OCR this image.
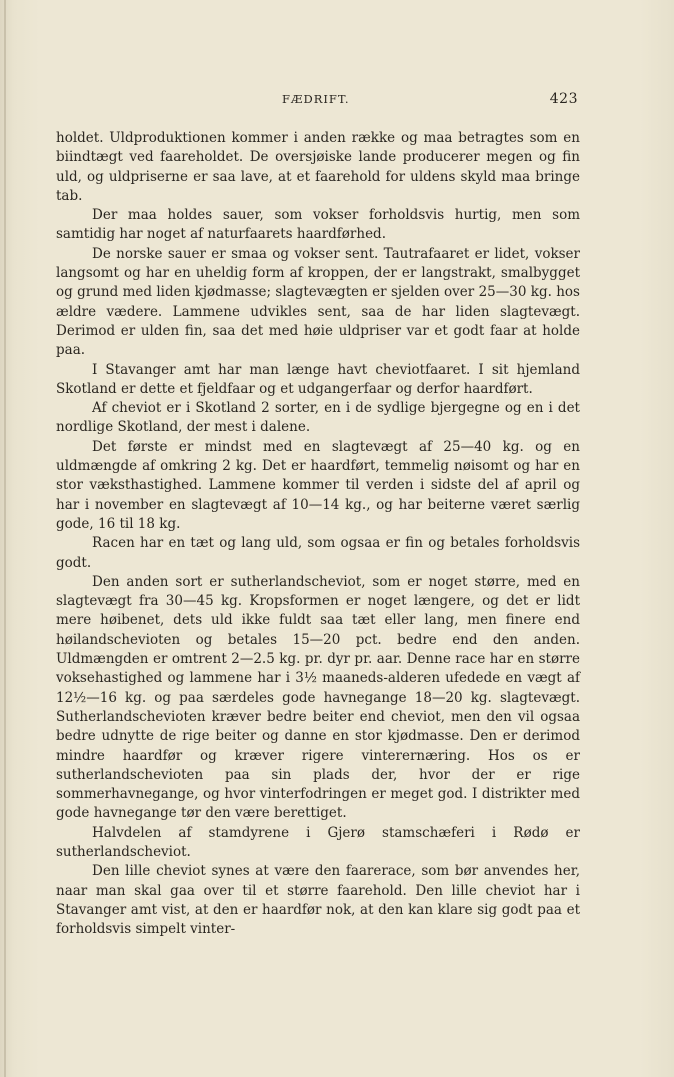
FÆDRIFT.	423

holdet. Uldproduktionen kommer i anden række og maa betragtes som en biindtægt ved faareholdet. De oversjøiske lande producerer megen og fin uld, og uldpriserne er saa lave, at et faarehold for uldens skyld maa bringe tab.

Der maa holdes sauer, som vokser forholdsvis hurtig, men som samtidig har noget af naturfaarets haardførhed.

De norske sauer er smaa og vokser sent. Tautrafaaret er lidet, vokser langsomt og har en uheldig form af kroppen, der er langstrakt, smalbygget og grund med liden kjødmasse; slagtevægten er sjelden over 25—30 kg. hos ældre vædere. Lammene udvikles sent, saa de har liden slagtevægt. Derimod er ulden fin, saa det med høie uldpriser var et godt faar at holde paa.

I Stavanger amt har man længe havt cheviotfaaret. I sit hjemland Skotland er dette et fjeldfaar og et udgangerfaar og derfor haardført.

Af cheviot er i Skotland 2 sorter, en i de sydlige bjergegne og en i det nordlige Skotland, der mest i dalene.

Det første er mindst med en slagtevægt af 25—40 kg. og en uldmængde af omkring 2 kg. Det er haardført, temmelig nøisomt og har en stor væksthastighed. Lammene kommer til verden i sidste del af april og har i november en slagtevægt af 10—14 kg., og har beiterne været særlig gode, 16 til 18 kg.

Racen har en tæt og lang uld, som ogsaa er fin og betales forholdsvis godt.

Den anden sort er sutherlandscheviot, som er noget større, med en slagtevægt fra 30—45 kg. Kropsformen er noget længere, og det er lidt mere høibenet, dets uld ikke fuldt saa tæt eller lang, men finere end høilandschevioten og betales 15—20 pct. bedre end den anden. Uldmængden er omtrent 2—2.5 kg. pr. dyr pr. aar. Denne race har en større voksehastighed og lammene har i 3½ maaneds-alderen ufedede en vægt af 12½—16 kg. og paa særdeles gode havnegange 18—20 kg. slagtevægt. Sutherlandschevioten kræver bedre beiter end cheviot, men den vil ogsaa bedre udnytte de rige beiter og danne en stor kjødmasse. Den er derimod mindre haardfør og kræver rigere vinterernæring. Hos os er sutherlandschevioten paa sin plads der, hvor der er rige sommerhavnegange, og hvor vinterfodringen er meget god. I distrikter med gode havnegange tør den være berettiget.

Halvdelen af stamdyrene i Gjerø stamschæferi i Rødø er sutherlandscheviot.

Den lille cheviot synes at være den faarerace, som bør anvendes her, naar man skal gaa over til et større faarehold. Den lille cheviot har i Stavanger amt vist, at den er haardfør nok, at den kan klare sig godt paa et forholdsvis simpelt vinter-
